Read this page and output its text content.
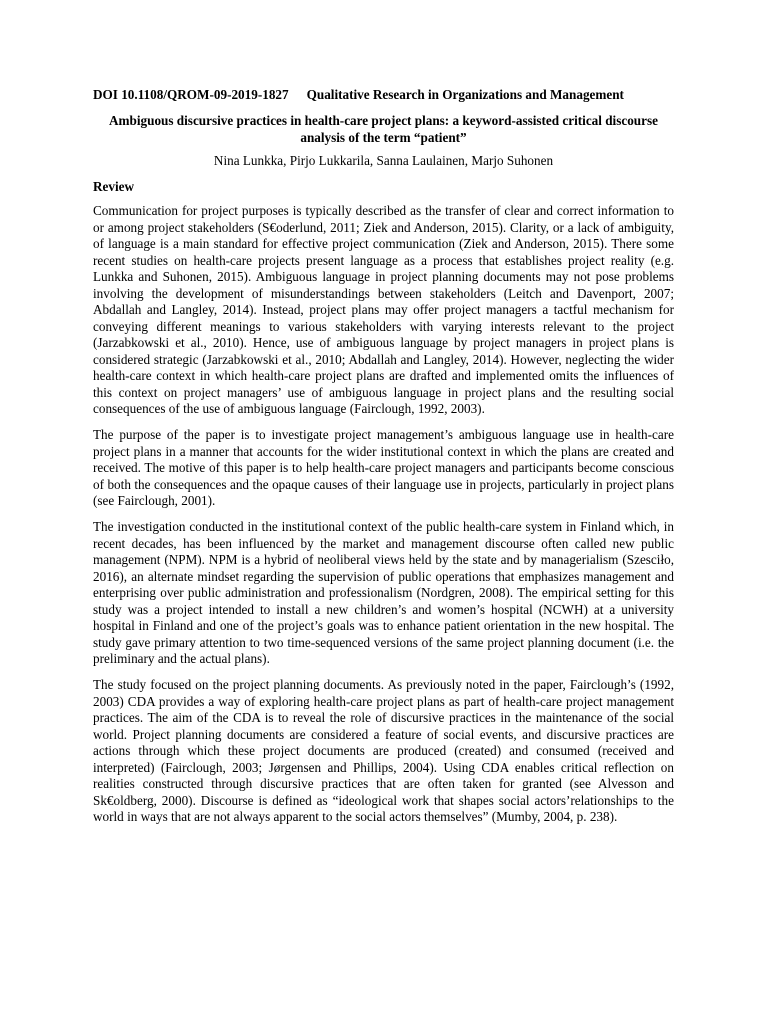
DOI 10.1108/QROM-09-2019-1827 Qualitative Research in Organizations and Management
Ambiguous discursive practices in health-care project plans: a keyword-assisted critical discourse analysis of the term “patient”
Nina Lunkka, Pirjo Lukkarila, Sanna Laulainen, Marjo Suhonen
Review

Communication for project purposes is typically described as the transfer of clear and correct information to or among project stakeholders (S€oderlund, 2011; Ziek and Anderson, 2015). Clarity, or a lack of ambiguity, of language is a main standard for effective project communication (Ziek and Anderson, 2015). There some recent studies on health-care projects present language as a process that establishes project reality (e.g. Lunkka and Suhonen, 2015). Ambiguous language in project planning documents may not pose problems involving the development of misunderstandings between stakeholders (Leitch and Davenport, 2007; Abdallah and Langley, 2014). Instead, project plans may offer project managers a tactful mechanism for conveying different meanings to various stakeholders with varying interests relevant to the project (Jarzabkowski et al., 2010). Hence, use of ambiguous language by project managers in project plans is considered strategic (Jarzabkowski et al., 2010; Abdallah and Langley, 2014). However, neglecting the wider health-care context in which health-care project plans are drafted and implemented omits the influences of this context on project managers’ use of ambiguous language in project plans and the resulting social consequences of the use of ambiguous language (Fairclough, 1992, 2003).

The purpose of the paper is to investigate project management’s ambiguous language use in health-care project plans in a manner that accounts for the wider institutional context in which the plans are created and received. The motive of this paper is to help health-care project managers and participants become conscious of both the consequences and the opaque causes of their language use in projects, particularly in project plans (see Fairclough, 2001).

The investigation conducted in the institutional context of the public health-care system in Finland which, in recent decades, has been influenced by the market and management discourse often called new public management (NPM). NPM is a hybrid of neoliberal views held by the state and by managerialism (Szesciło, 2016), an alternate mindset regarding the supervision of public operations that emphasizes management and enterprising over public administration and professionalism (Nordgren, 2008). The empirical setting for this study was a project intended to install a new children’s and women’s hospital (NCWH) at a university hospital in Finland and one of the project’s goals was to enhance patient orientation in the new hospital. The study gave primary attention to two time-sequenced versions of the same project planning document (i.e. the preliminary and the actual plans).

The study focused on the project planning documents. As previously noted in the paper, Fairclough’s (1992, 2003) CDA provides a way of exploring health-care project plans as part of health-care project management practices. The aim of the CDA is to reveal the role of discursive practices in the maintenance of the social world. Project planning documents are considered a feature of social events, and discursive practices are actions through which these project documents are produced (created) and consumed (received and interpreted) (Fairclough, 2003; Jørgensen and Phillips, 2004). Using CDA enables critical reflection on realities constructed through discursive practices that are often taken for granted (see Alvesson and Sk€oldberg, 2000). Discourse is defined as “ideological work that shapes social actors’relationships to the world in ways that are not always apparent to the social actors themselves” (Mumby, 2004, p. 238).
